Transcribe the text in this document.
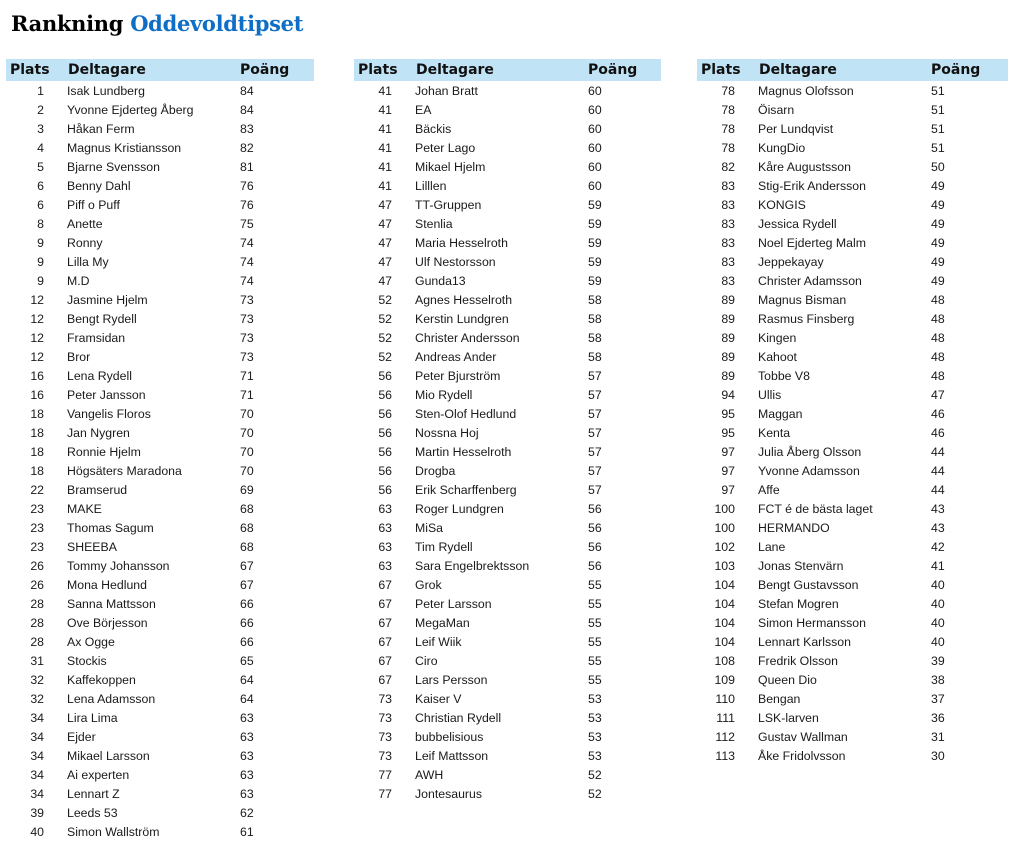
Rankning Oddevoldtipset
Plats	Deltagare	Poäng
1	Isak Lundberg	84
2	Yvonne Ejderteg Åberg	84
3	Håkan Ferm	83
4	Magnus Kristiansson	82
5	Bjarne Svensson	81
6	Benny Dahl	76
6	Piff o Puff	76
8	Anette	75
9	Ronny	74
9	Lilla My	74
9	M.D	74
12	Jasmine Hjelm	73
12	Bengt Rydell	73
12	Framsidan	73
12	Bror	73
16	Lena Rydell	71
16	Peter Jansson	71
18	Vangelis Floros	70
18	Jan Nygren	70
18	Ronnie Hjelm	70
18	Högsäters Maradona	70
22	Bramserud	69
23	MAKE	68
23	Thomas Sagum	68
23	SHEEBA	68
26	Tommy Johansson	67
26	Mona Hedlund	67
28	Sanna Mattsson	66
28	Ove Börjesson	66
28	Ax Ogge	66
31	Stockis	65
32	Kaffekoppen	64
32	Lena Adamsson	64
34	Lira Lima	63
34	Ejder	63
34	Mikael Larsson	63
34	Ai experten	63
34	Lennart Z	63
39	Leeds 53	62
40	Simon Wallström	61
Plats	Deltagare	Poäng
41	Johan Bratt	60
41	EA	60
41	Bäckis	60
41	Peter Lago	60
41	Mikael Hjelm	60
41	Lilllen	60
47	TT-Gruppen	59
47	Stenlia	59
47	Maria Hesselroth	59
47	Ulf Nestorsson	59
47	Gunda13	59
52	Agnes Hesselroth	58
52	Kerstin Lundgren	58
52	Christer Andersson	58
52	Andreas Ander	58
56	Peter Bjurström	57
56	Mio Rydell	57
56	Sten-Olof Hedlund	57
56	Nossna Hoj	57
56	Martin Hesselroth	57
56	Drogba	57
56	Erik Scharffenberg	57
63	Roger Lundgren	56
63	MiSa	56
63	Tim Rydell	56
63	Sara Engelbrektsson	56
67	Grok	55
67	Peter Larsson	55
67	MegaMan	55
67	Leif Wiik	55
67	Ciro	55
67	Lars Persson	55
73	Kaiser V	53
73	Christian Rydell	53
73	bubbelisious	53
73	Leif Mattsson	53
77	AWH	52
77	Jontesaurus	52
Plats	Deltagare	Poäng
78	Magnus Olofsson	51
78	Öisarn	51
78	Per Lundqvist	51
78	KungDio	51
82	Kåre Augustsson	50
83	Stig-Erik Andersson	49
83	KONGIS	49
83	Jessica Rydell	49
83	Noel Ejderteg Malm	49
83	Jeppekayay	49
83	Christer Adamsson	49
89	Magnus Bisman	48
89	Rasmus Finsberg	48
89	Kingen	48
89	Kahoot	48
89	Tobbe V8	48
94	Ullis	47
95	Maggan	46
95	Kenta	46
97	Julia Åberg Olsson	44
97	Yvonne Adamsson	44
97	Affe	44
100	FCT é de bästa laget	43
100	HERMANDO	43
102	Lane	42
103	Jonas Stenvärn	41
104	Bengt Gustavsson	40
104	Stefan Mogren	40
104	Simon Hermansson	40
104	Lennart Karlsson	40
108	Fredrik Olsson	39
109	Queen Dio	38
110	Bengan	37
111	LSK-larven	36
112	Gustav Wallman	31
113	Åke Fridolvsson	30
